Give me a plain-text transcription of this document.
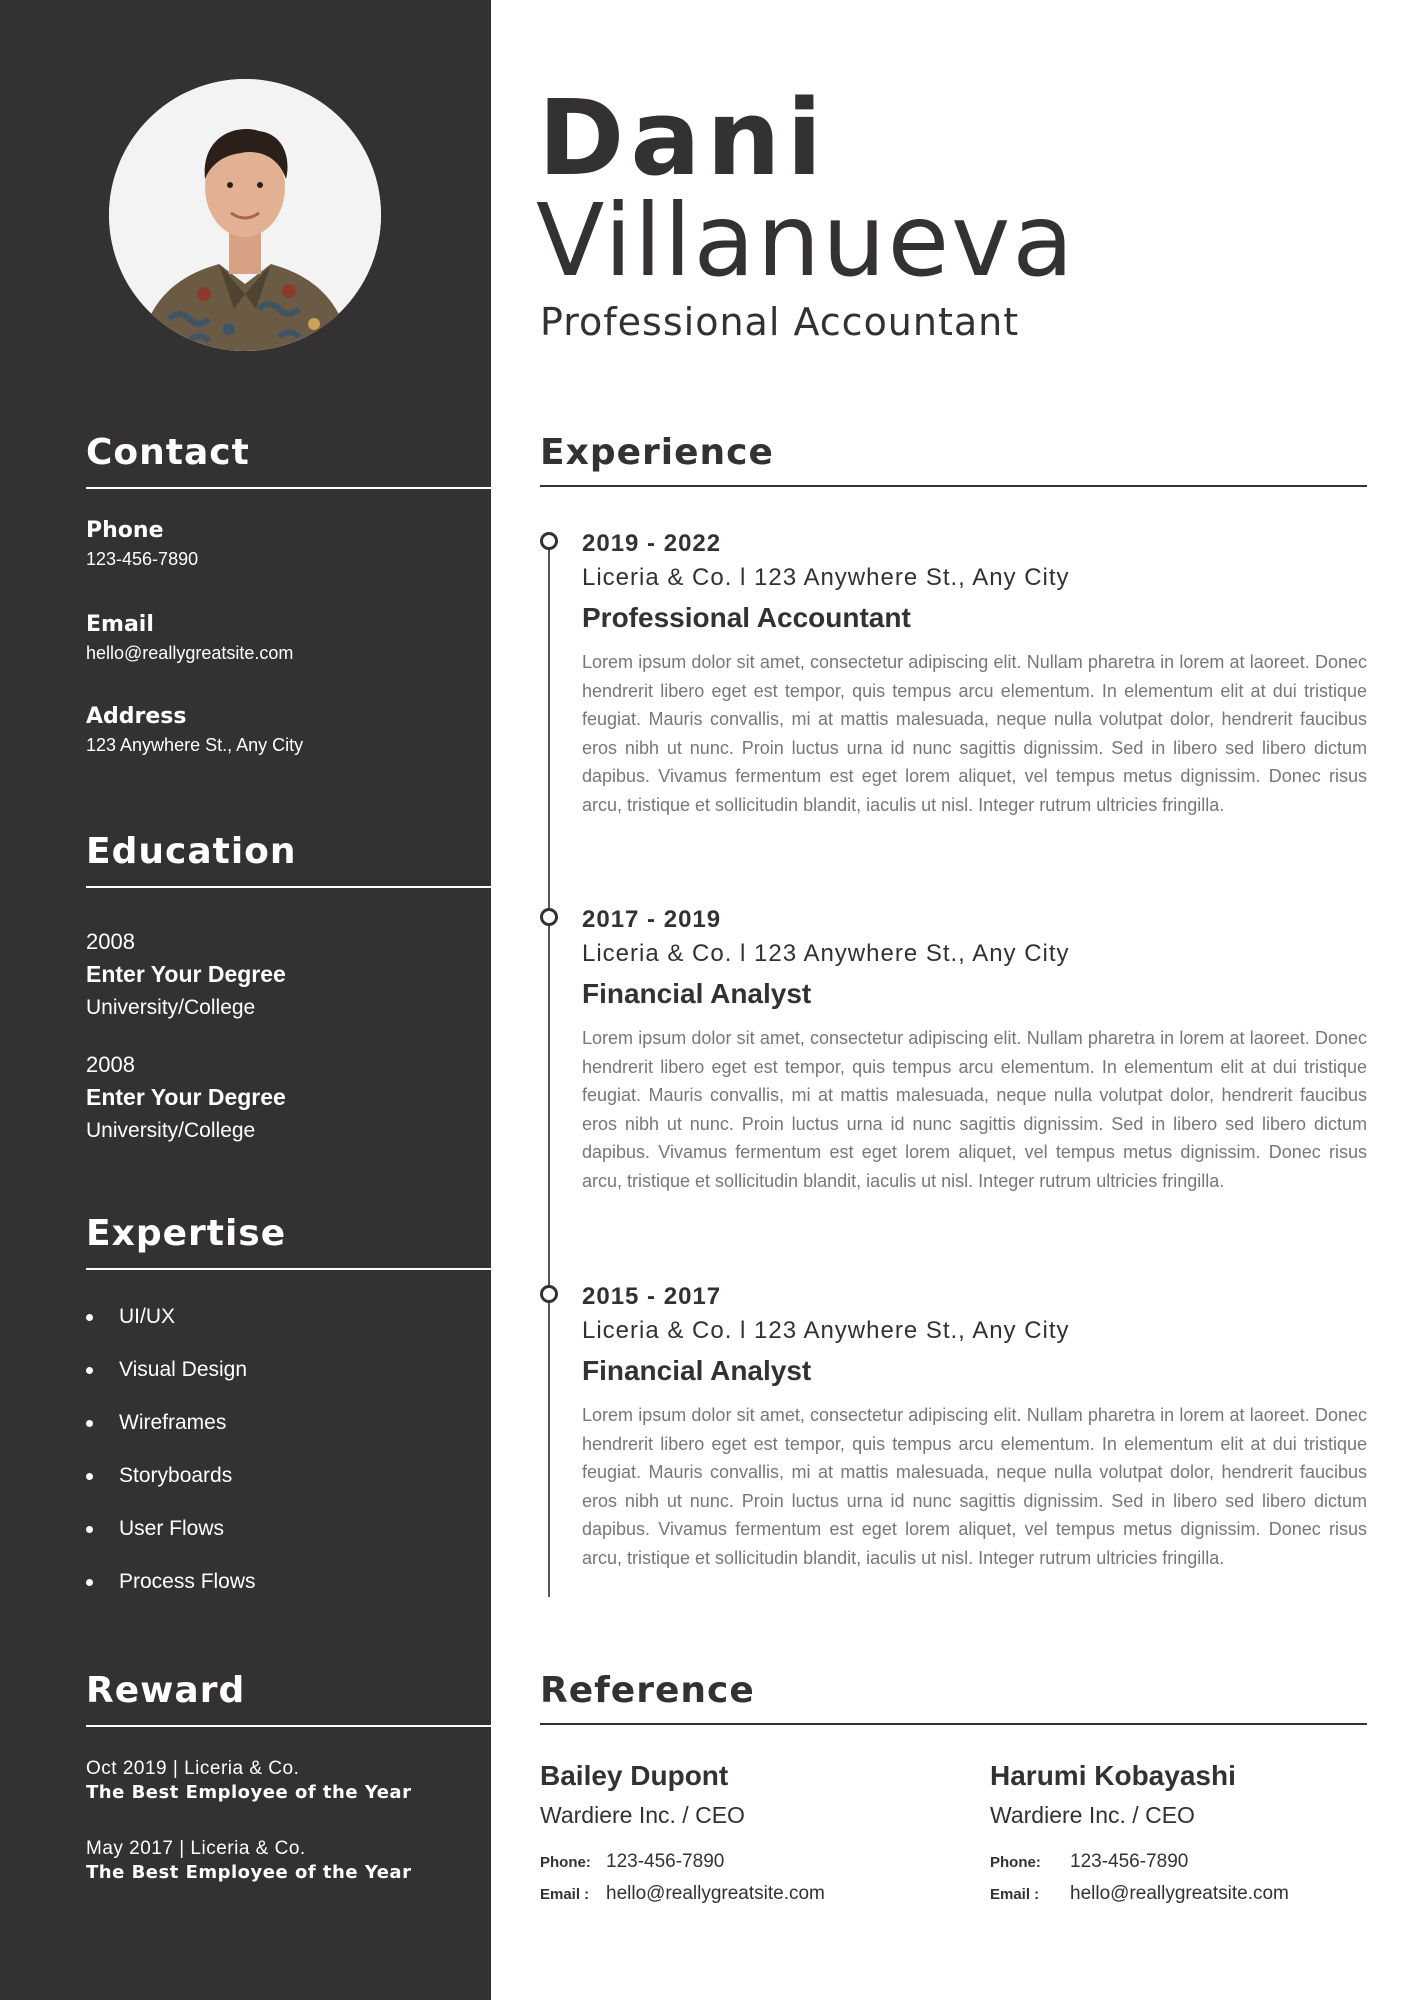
Contact
Phone
123-456-7890
Email
hello@reallygreatsite.com
Address
123 Anywhere St., Any City
Education
2008
Enter Your Degree
University/College
2008
Enter Your Degree
University/College
Expertise
UI/UX
Visual Design
Wireframes
Storyboards
User Flows
Process Flows
Reward
Oct 2019 | Liceria & Co.
The Best Employee of the Year
May 2017 | Liceria & Co.
The Best Employee of the Year
Dani
Villanueva
Professional Accountant
Experience
2019 - 2022
Liceria & Co. l 123 Anywhere St., Any City
Professional Accountant
Lorem ipsum dolor sit amet, consectetur adipiscing elit. Nullam pharetra in lorem at laoreet. Donec hendrerit libero eget est tempor, quis tempus arcu elementum. In elementum elit at dui tristique feugiat. Mauris convallis, mi at mattis malesuada, neque nulla volutpat dolor, hendrerit faucibus eros nibh ut nunc. Proin luctus urna id nunc sagittis dignissim. Sed in libero sed libero dictum dapibus. Vivamus fermentum est eget lorem aliquet, vel tempus metus dignissim. Donec risus arcu, tristique et sollicitudin blandit, iaculis ut nisl. Integer rutrum ultricies fringilla.
2017 - 2019
Liceria & Co. l 123 Anywhere St., Any City
Financial Analyst
Lorem ipsum dolor sit amet, consectetur adipiscing elit. Nullam pharetra in lorem at laoreet. Donec hendrerit libero eget est tempor, quis tempus arcu elementum. In elementum elit at dui tristique feugiat. Mauris convallis, mi at mattis malesuada, neque nulla volutpat dolor, hendrerit faucibus eros nibh ut nunc. Proin luctus urna id nunc sagittis dignissim. Sed in libero sed libero dictum dapibus. Vivamus fermentum est eget lorem aliquet, vel tempus metus dignissim. Donec risus arcu, tristique et sollicitudin blandit, iaculis ut nisl. Integer rutrum ultricies fringilla.
2015 - 2017
Liceria & Co. l 123 Anywhere St., Any City
Financial Analyst
Lorem ipsum dolor sit amet, consectetur adipiscing elit. Nullam pharetra in lorem at laoreet. Donec hendrerit libero eget est tempor, quis tempus arcu elementum. In elementum elit at dui tristique feugiat. Mauris convallis, mi at mattis malesuada, neque nulla volutpat dolor, hendrerit faucibus eros nibh ut nunc. Proin luctus urna id nunc sagittis dignissim. Sed in libero sed libero dictum dapibus. Vivamus fermentum est eget lorem aliquet, vel tempus metus dignissim. Donec risus arcu, tristique et sollicitudin blandit, iaculis ut nisl. Integer rutrum ultricies fringilla.
Reference
Bailey Dupont
Wardiere Inc. / CEO
Phone: 123-456-7890
Email : hello@reallygreatsite.com
Harumi Kobayashi
Wardiere Inc. / CEO
Phone:	123-456-7890
Email :	hello@reallygreatsite.com
